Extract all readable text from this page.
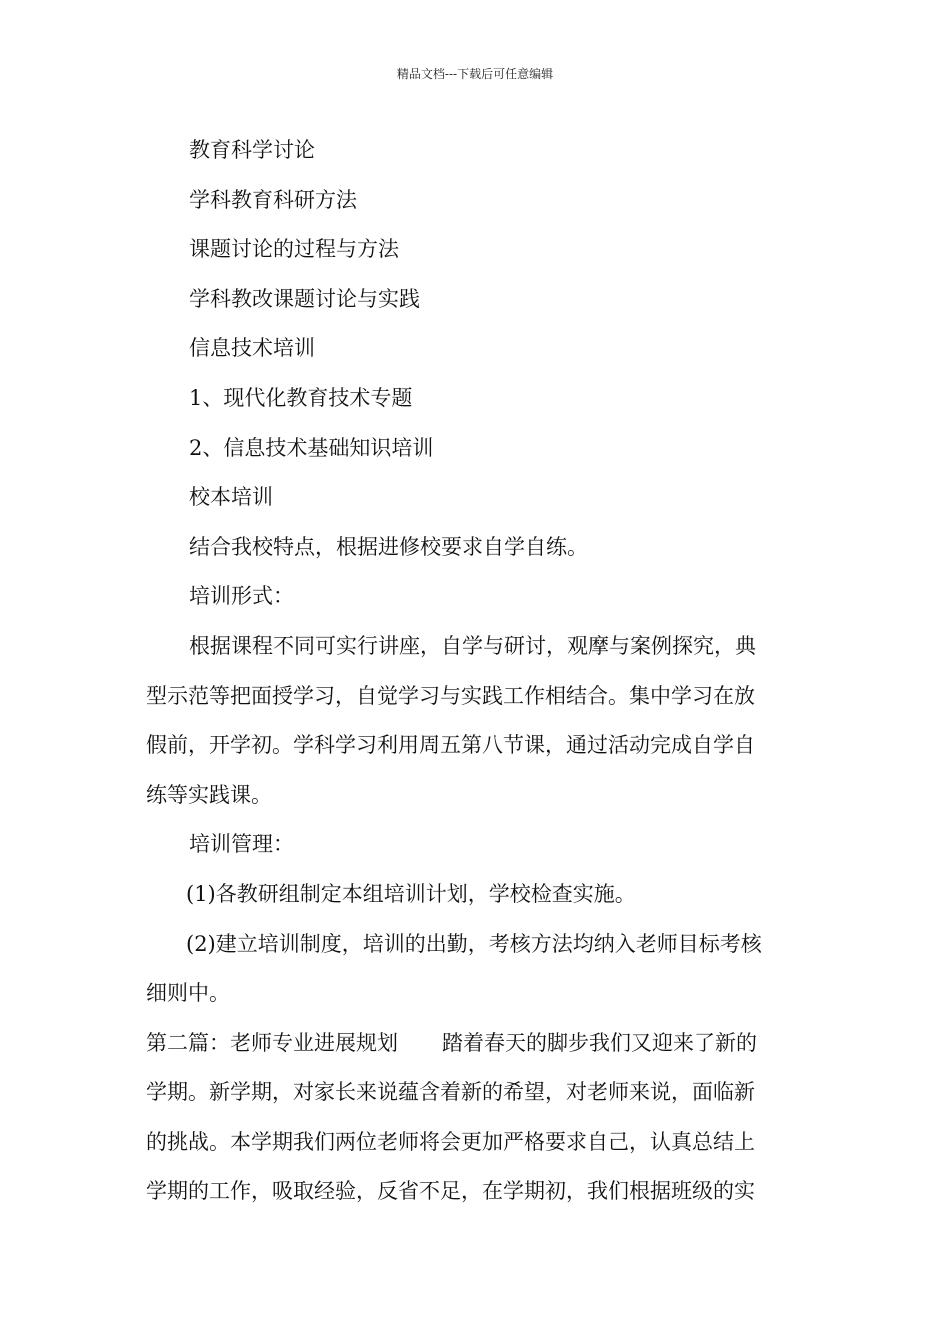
精品文档---下载后可任意编辑
教育科学讨论
学科教育科研方法
课题讨论的过程与方法
学科教改课题讨论与实践
信息技术培训
1、现代化教育技术专题
2、信息技术基础知识培训
校本培训
结合我校特点，根据进修校要求自学自练。
培训形式：
根据课程不同可实行讲座，自学与研讨，观摩与案例探究，典
型示范等把面授学习，自觉学习与实践工作相结合。集中学习在放
假前，开学初。学科学习利用周五第八节课，通过活动完成自学自
练等实践课。
培训管理：
(1)各教研组制定本组培训计划，学校检查实施。
(2)建立培训制度，培训的出勤，考核方法均纳入老师目标考核
细则中。
第二篇：老师专业进展规划 踏着春天的脚步我们又迎来了新的
学期。新学期，对家长来说蕴含着新的希望，对老师来说，面临新
的挑战。本学期我们两位老师将会更加严格要求自己，认真总结上
学期的工作，吸取经验，反省不足，在学期初，我们根据班级的实
